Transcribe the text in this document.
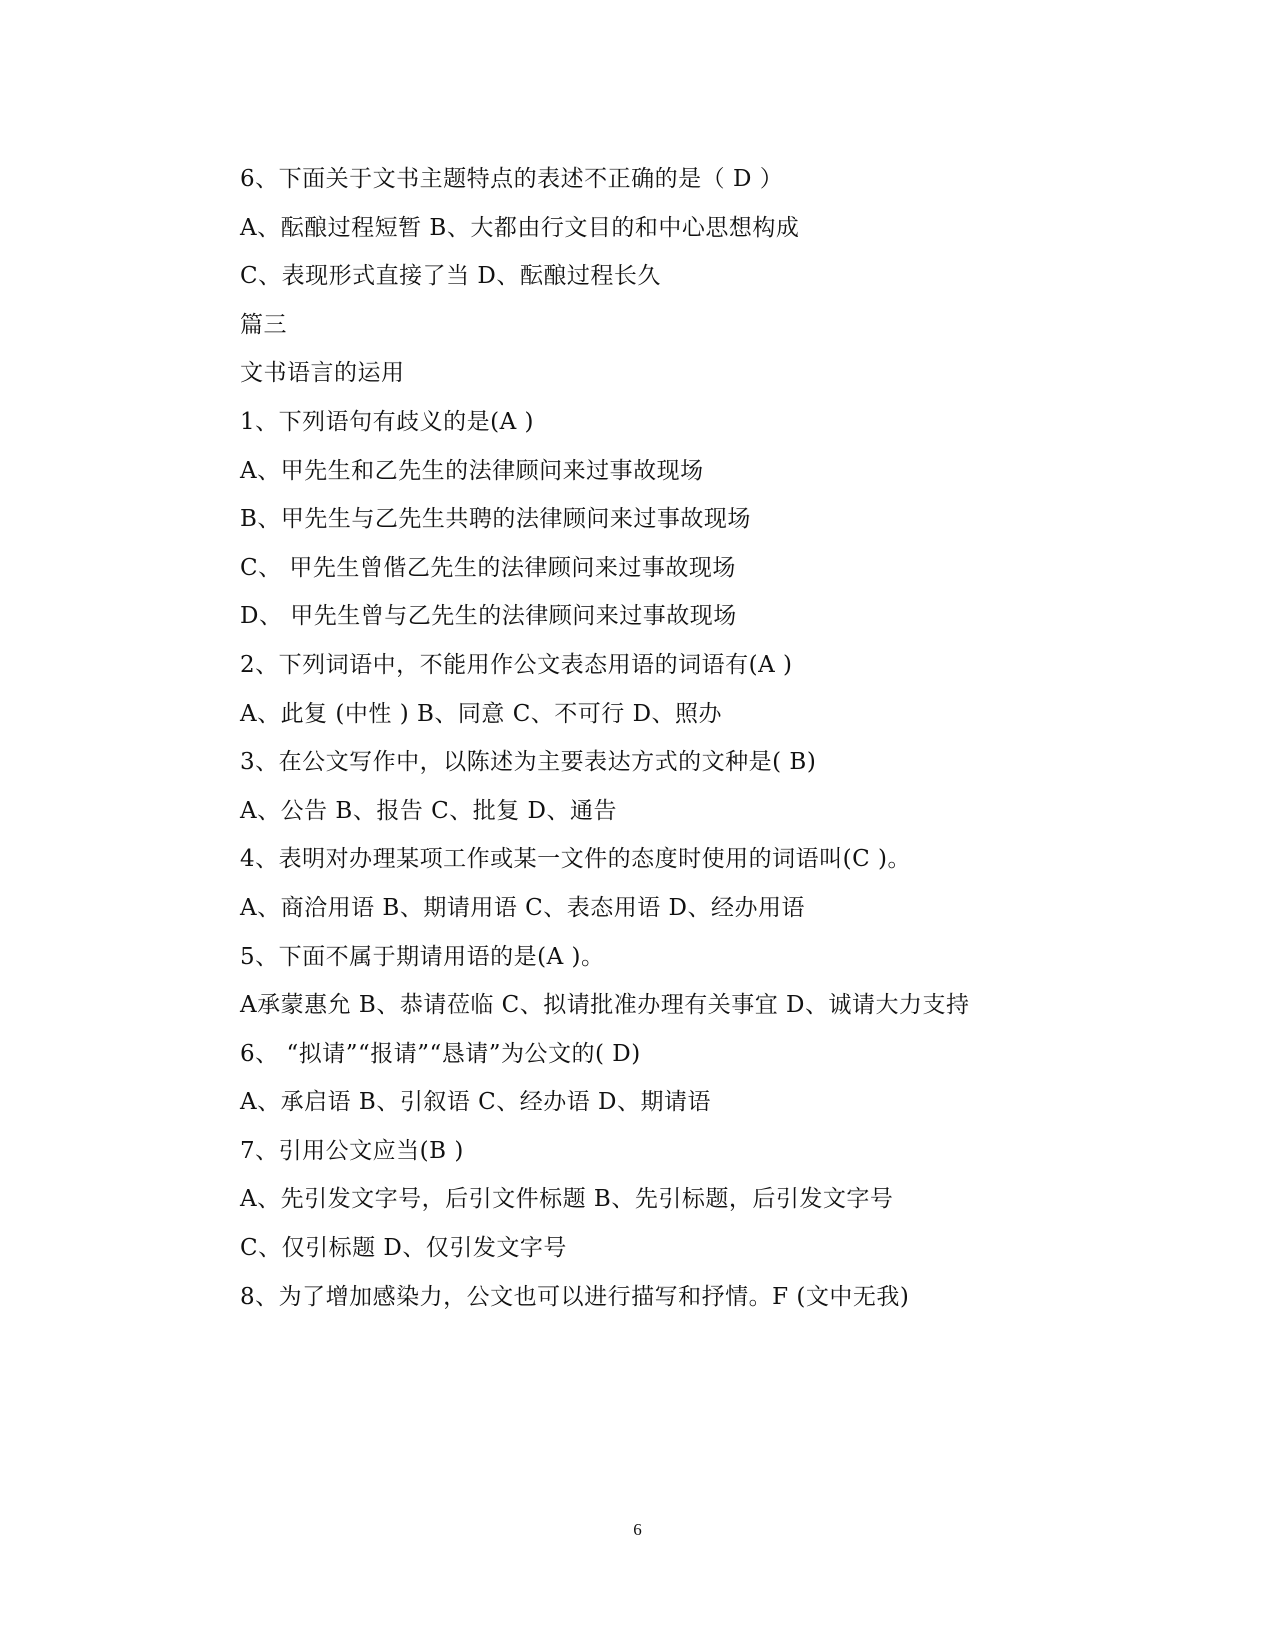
6、下面关于文书主题特点的表述不正确的是（ D ）
A、酝酿过程短暂 B、大都由行文目的和中心思想构成
C、表现形式直接了当 D、酝酿过程长久
篇三
文书语言的运用
1、下列语句有歧义的是(A )
A、甲先生和乙先生的法律顾问来过事故现场
B、甲先生与乙先生共聘的法律顾问来过事故现场
C、 甲先生曾偕乙先生的法律顾问来过事故现场
D、 甲先生曾与乙先生的法律顾问来过事故现场
2、下列词语中，不能用作公文表态用语的词语有(A )
A、此复 (中性 ) B、同意 C、不可行 D、照办
3、在公文写作中，以陈述为主要表达方式的文种是( B)
A、公告 B、报告 C、批复 D、通告
4、表明对办理某项工作或某一文件的态度时使用的词语叫(C )。
A、商洽用语 B、期请用语 C、表态用语 D、经办用语
5、下面不属于期请用语的是(A )。
A承蒙惠允 B、恭请莅临 C、拟请批准办理有关事宜 D、诚请大力支持
6、 “拟请”“报请”“恳请”为公文的( D)
A、承启语 B、引叙语 C、经办语 D、期请语
7、引用公文应当(B )
A、先引发文字号，后引文件标题 B、先引标题，后引发文字号
C、仅引标题 D、仅引发文字号
8、为了增加感染力，公文也可以进行描写和抒情。F (文中无我)
6
